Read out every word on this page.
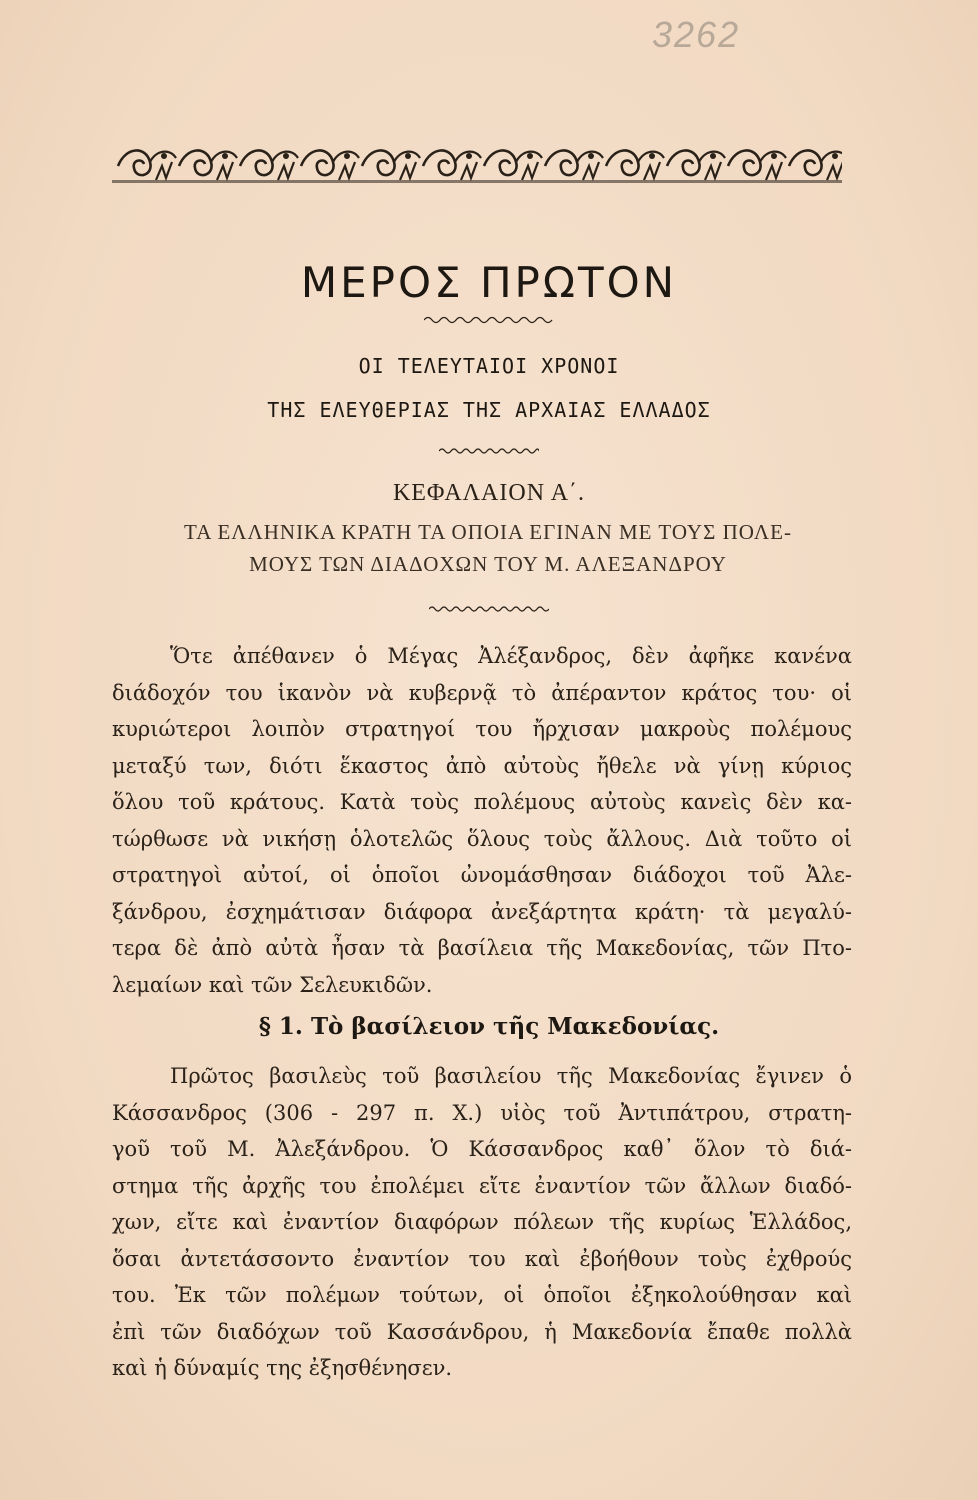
3262
ΜΕΡΟΣ ΠΡΩΤΟΝ
ΟΙ ΤΕΛΕΥΤΑΙΟΙ ΧΡΟΝΟΙ
ΤΗΣ ΕΛΕΥΘΕΡΙΑΣ ΤΗΣ ΑΡΧΑΙΑΣ ΕΛΛΑΔΟΣ
ΚΕΦΑΛΑΙΟΝ Α΄.
ΤΑ ΕΛΛΗΝΙΚΑ ΚΡΑΤΗ ΤΑ ΟΠΟΙΑ ΕΓΙΝΑΝ ΜΕ ΤΟΥΣ ΠΟΛΕ-
ΜΟΥΣ ΤΩΝ ΔΙΑΔΟΧΩΝ ΤΟΥ Μ. ΑΛΕΞΑΝΔΡΟΥ
Ὅτε ἀπέθανεν ὁ Μέγας Ἀλέξανδρος, δὲν ἀφῆκε κανένα
διάδοχόν του ἱκανὸν νὰ κυβερνᾷ τὸ ἀπέραντον κράτος του· οἱ
κυριώτεροι λοιπὸν στρατηγοί του ἤρχισαν μακροὺς πολέμους
μεταξύ των, διότι ἕκαστος ἀπὸ αὐτοὺς ἤθελε νὰ γίνῃ κύριος
ὅλου τοῦ κράτους. Κατὰ τοὺς πολέμους αὐτοὺς κανεὶς δὲν κα-
τώρθωσε νὰ νικήσῃ ὁλοτελῶς ὅλους τοὺς ἄλλους. Διὰ τοῦτο οἱ
στρατηγοὶ αὐτοί, οἱ ὁποῖοι ὠνομάσθησαν διάδοχοι τοῦ Ἀλε-
ξάνδρου, ἐσχημάτισαν διάφορα ἀνεξάρτητα κράτη· τὰ μεγαλύ-
τερα δὲ ἀπὸ αὐτὰ ἦσαν τὰ βασίλεια τῆς Μακεδονίας, τῶν Πτο-
λεμαίων καὶ τῶν Σελευκιδῶν.
§ 1. Τὸ βασίλειον τῆς Μακεδονίας.
Πρῶτος βασιλεὺς τοῦ βασιλείου τῆς Μακεδονίας ἔγινεν ὁ
Κάσσανδρος (306 - 297 π. Χ.) υἱὸς τοῦ Ἀντιπάτρου, στρατη-
γοῦ τοῦ Μ. Ἀλεξάνδρου. Ὁ Κάσσανδρος καθ᾽ ὅλον τὸ διά-
στημα τῆς ἀρχῆς του ἐπολέμει εἴτε ἐναντίον τῶν ἄλλων διαδό-
χων, εἴτε καὶ ἐναντίον διαφόρων πόλεων τῆς κυρίως Ἑλλάδος,
ὅσαι ἀντετάσσοντο ἐναντίον του καὶ ἐβοήθουν τοὺς ἐχθρούς
του. Ἐκ τῶν πολέμων τούτων, οἱ ὁποῖοι ἐξηκολούθησαν καὶ
ἐπὶ τῶν διαδόχων τοῦ Κασσάνδρου, ἡ Μακεδονία ἔπαθε πολλὰ
καὶ ἡ δύναμίς της ἐξησθένησεν.
